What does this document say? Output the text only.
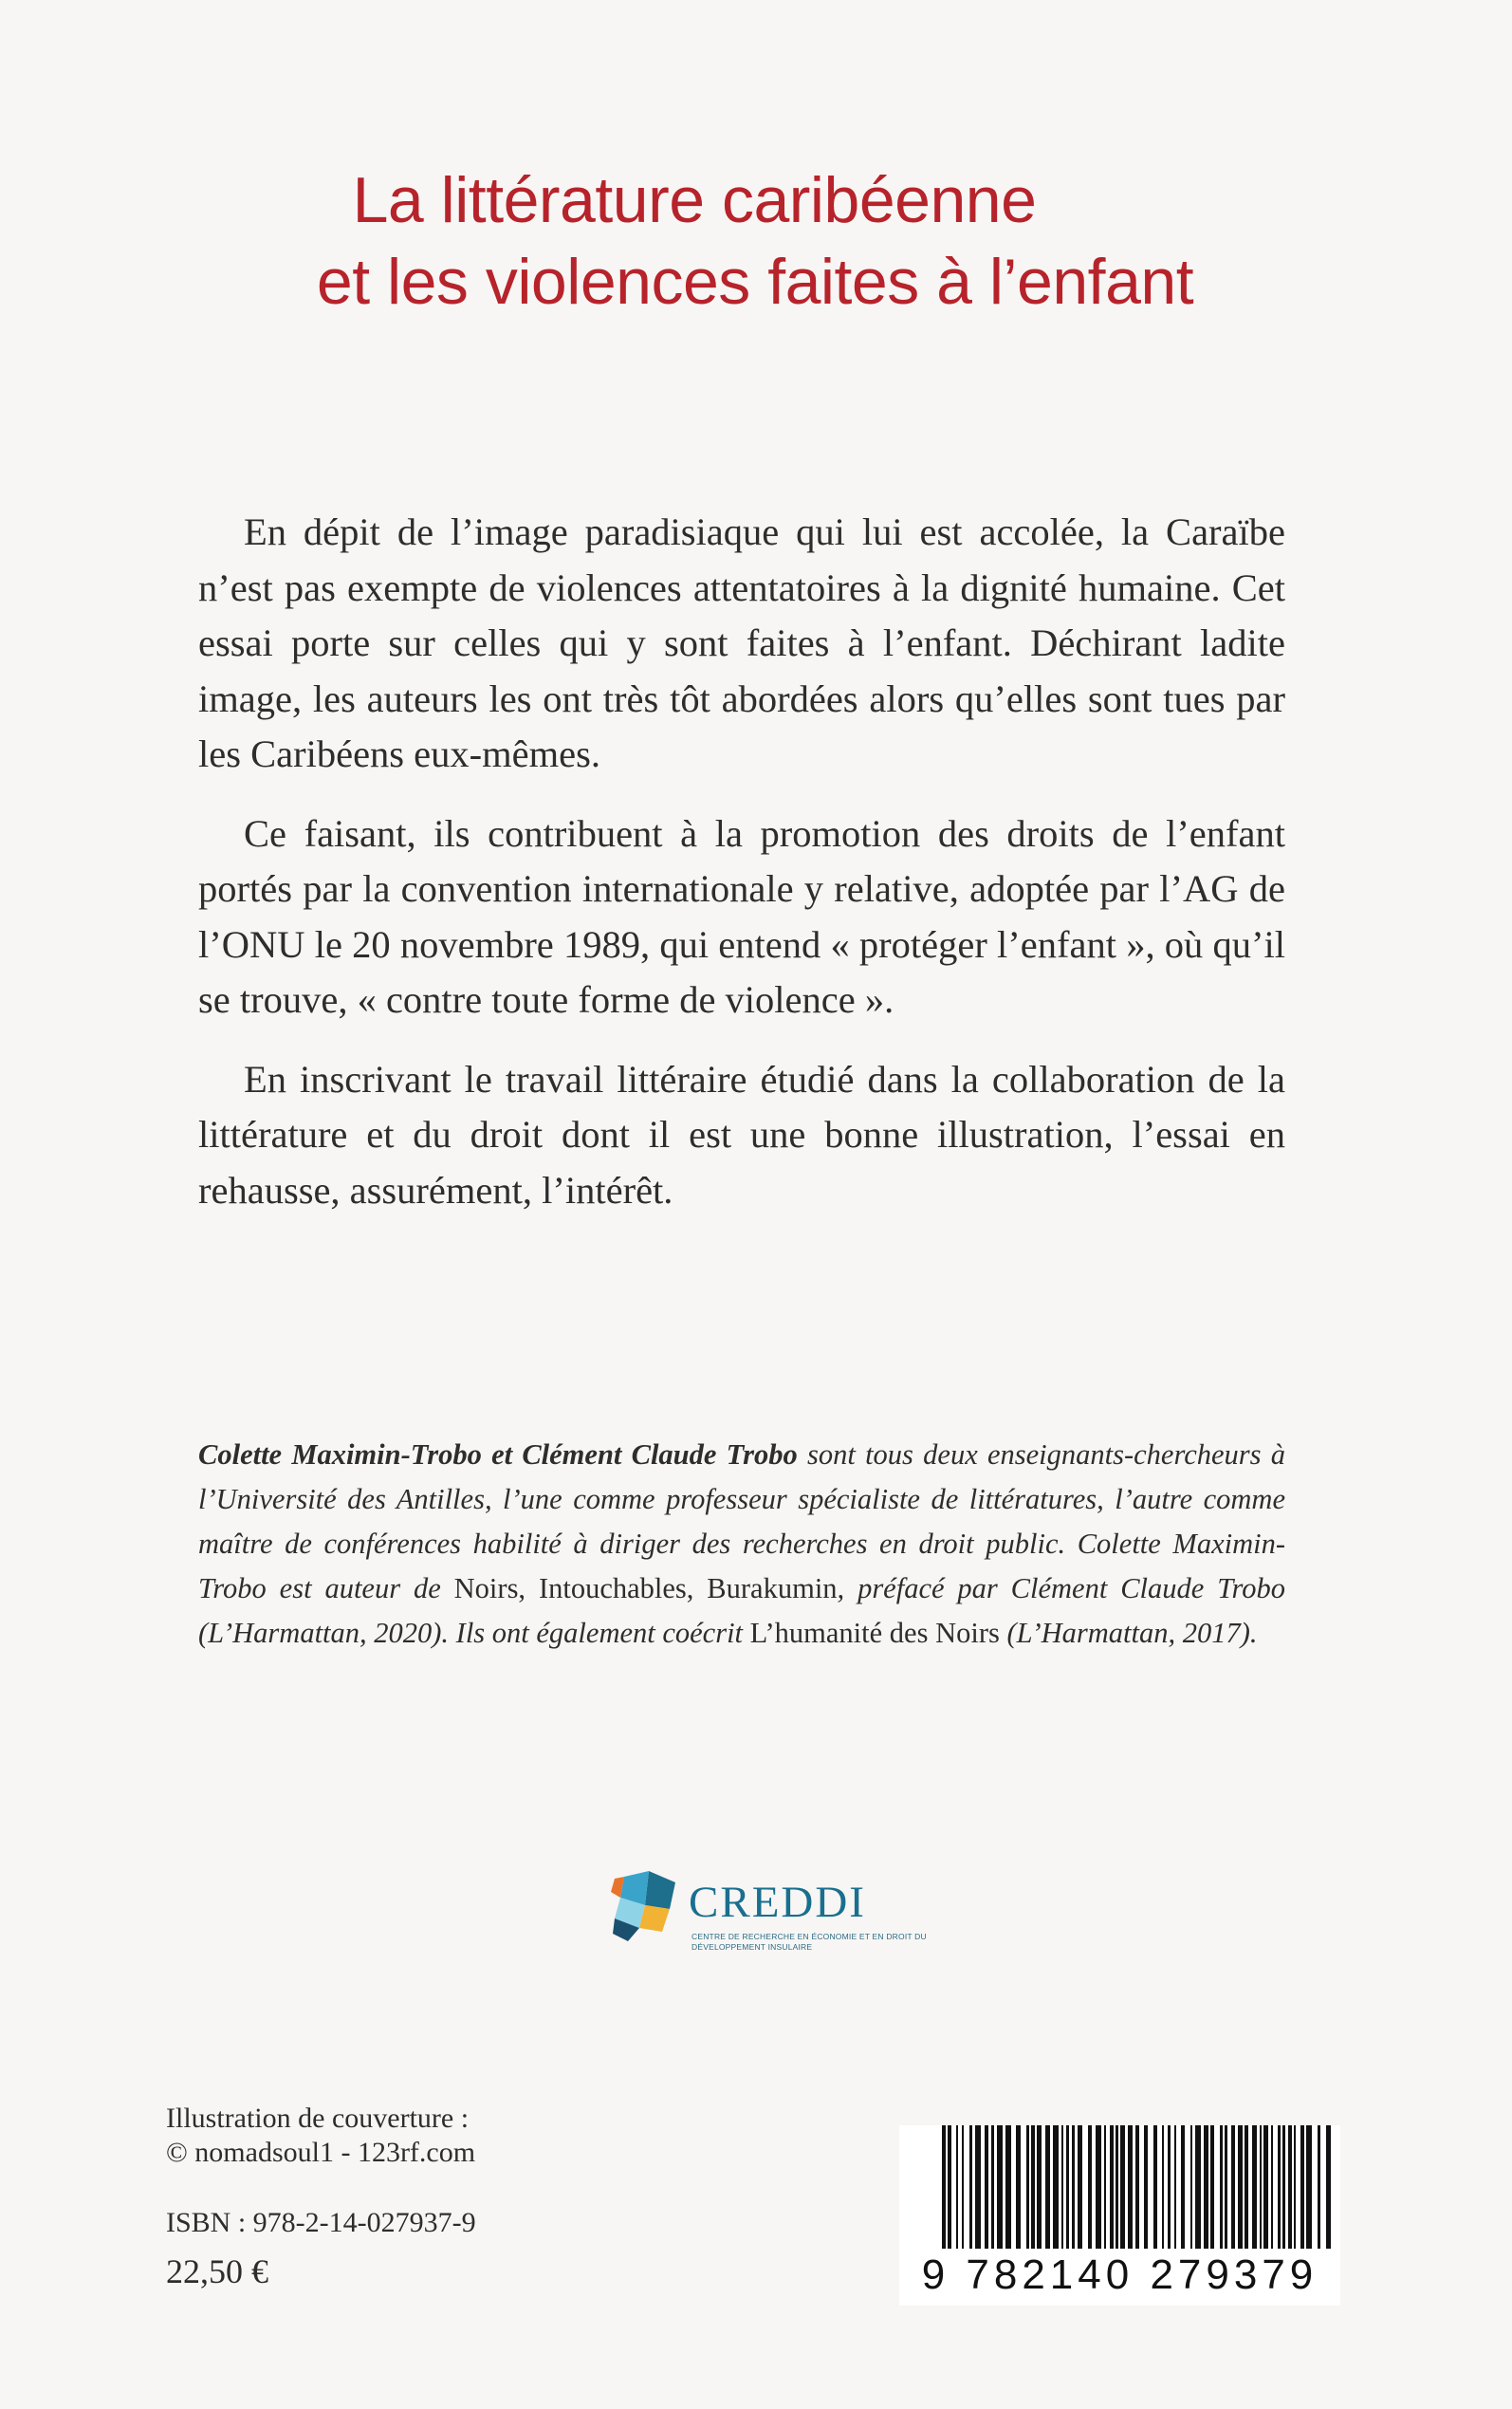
La littérature caribéenne
et les violences faites à l’enfant

En dépit de l’image paradisiaque qui lui est accolée, la Caraïbe n’est pas exempte de violences attentatoires à la dignité humaine. Cet essai porte sur celles qui y sont faites à l’enfant. Déchirant ladite image, les auteurs les ont très tôt abordées alors qu’elles sont tues par les Caribéens eux-mêmes.

Ce faisant, ils contribuent à la promotion des droits de l’enfant portés par la convention internationale y relative, adoptée par l’AG de l’ONU le 20 novembre 1989, qui entend « protéger l’enfant », où qu’il se trouve, « contre toute forme de violence ».

En inscrivant le travail littéraire étudié dans la collaboration de la littérature et du droit dont il est une bonne illustration, l’essai en rehausse, assurément, l’intérêt.

Colette Maximin-Trobo et Clément Claude Trobo sont tous deux enseignants-chercheurs à l’Université des Antilles, l’une comme professeur spécialiste de littératures, l’autre comme maître de conférences habilité à diriger des recherches en droit public. Colette Maximin-Trobo est auteur de Noirs, Intouchables, Burakumin, préfacé par Clément Claude Trobo (L’Harmattan, 2020). Ils ont également coécrit L’humanité des Noirs (L’Harmattan, 2017).
CREDDI
CENTRE DE RECHERCHE EN ÉCONOMIE ET EN DROIT DU DÉVELOPPEMENT INSULAIRE
Illustration de couverture :
© nomadsoul1 - 123rf.com
ISBN : 978-2-14-027937-9
22,50 €	9 782140 279379
